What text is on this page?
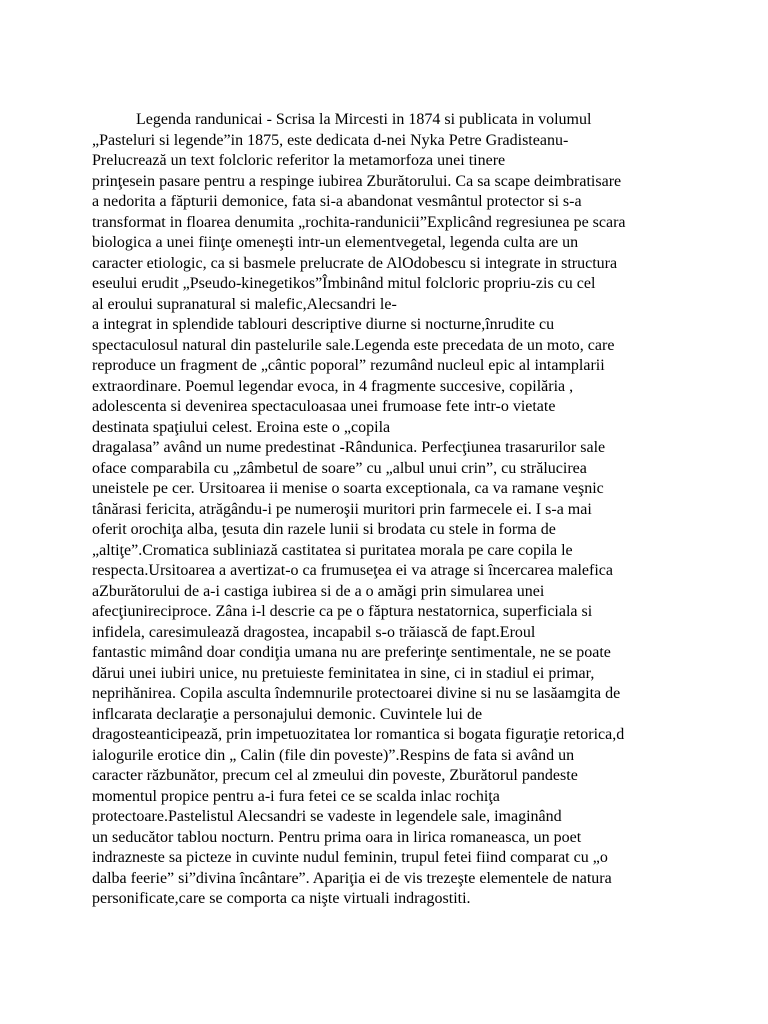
Legenda randunicai - Scrisa la Mircesti in 1874 si publicata in volumul
„Pasteluri si legende”in 1875, este dedicata d-nei Nyka Petre Gradisteanu-
Prelucrează un text folcloric referitor la metamorfoza unei tinere
prinţesein pasare pentru a respinge iubirea Zburătorului. Ca sa scape deimbratisare
a nedorita a făpturii demonice, fata si-a abandonat vesmântul protector si s-a
transformat in floarea denumita „rochita-randunicii”Explicând regresiunea pe scara
biologica a unei fiinţe omeneşti intr-un elementvegetal, legenda culta are un
caracter etiologic, ca si basmele prelucrate de AlOdobescu si integrate in structura
eseului erudit „Pseudo-kinegetikos”Îmbinând mitul folcloric propriu-zis cu cel
al eroului supranatural si malefic,Alecsandri le-
a integrat in splendide tablouri descriptive diurne si nocturne,înrudite cu
spectaculosul natural din pastelurile sale.Legenda este precedata de un moto, care
reproduce un fragment de „cântic poporal” rezumând nucleul epic al intamplarii
extraordinare. Poemul legendar evoca, in 4 fragmente succesive, copilăria ,
adolescenta si devenirea spectaculoasaa unei frumoase fete intr-o vietate
destinata spaţiului celest. Eroina este o „copila
dragalasa” având un nume predestinat -Rândunica. Perfecţiunea trasarurilor sale
oface comparabila cu „zâmbetul de soare” cu „albul unui crin”, cu strălucirea
uneistele pe cer. Ursitoarea ii menise o soarta exceptionala, ca va ramane veşnic
tânărasi fericita, atrăgându-i pe numeroşii muritori prin farmecele ei. I s-a mai
oferit orochiţa alba, ţesuta din razele lunii si brodata cu stele in forma de
„altiţe”.Cromatica subliniază castitatea si puritatea morala pe care copila le
respecta.Ursitoarea a avertizat-o ca frumuseţea ei va atrage si încercarea malefica
aZburătorului de a-i castiga iubirea si de a o amăgi prin simularea unei
afecţiunireciproce. Zâna i-l descrie ca pe o făptura nestatornica, superficiala si
infidela, caresimulează dragostea, incapabil s-o trăiască de fapt.Eroul
fantastic mimând doar condiţia umana nu are preferinţe sentimentale, ne se poate
dărui unei iubiri unice, nu pretuieste feminitatea in sine, ci in stadiul ei primar,
neprihănirea. Copila asculta îndemnurile protectoarei divine si nu se lasăamgita de
inflcarata declaraţie a personajului demonic. Cuvintele lui de
dragosteanticipează, prin impetuozitatea lor romantica si bogata figuraţie retorica,d
ialogurile erotice din „ Calin (file din poveste)”.Respins de fata si având un
caracter răzbunător, precum cel al zmeului din poveste, Zburătorul pandeste
momentul propice pentru a-i fura fetei ce se scalda inlac rochiţa
protectoare.Pastelistul Alecsandri se vadeste in legendele sale, imaginând
un seducător tablou nocturn. Pentru prima oara in lirica romaneasca, un poet
indrazneste sa picteze in cuvinte nudul feminin, trupul fetei fiind comparat cu „o
dalba feerie” si”divina încântare”. Apariţia ei de vis trezeşte elementele de natura
personificate,care se comporta ca nişte virtuali indragostiti.
